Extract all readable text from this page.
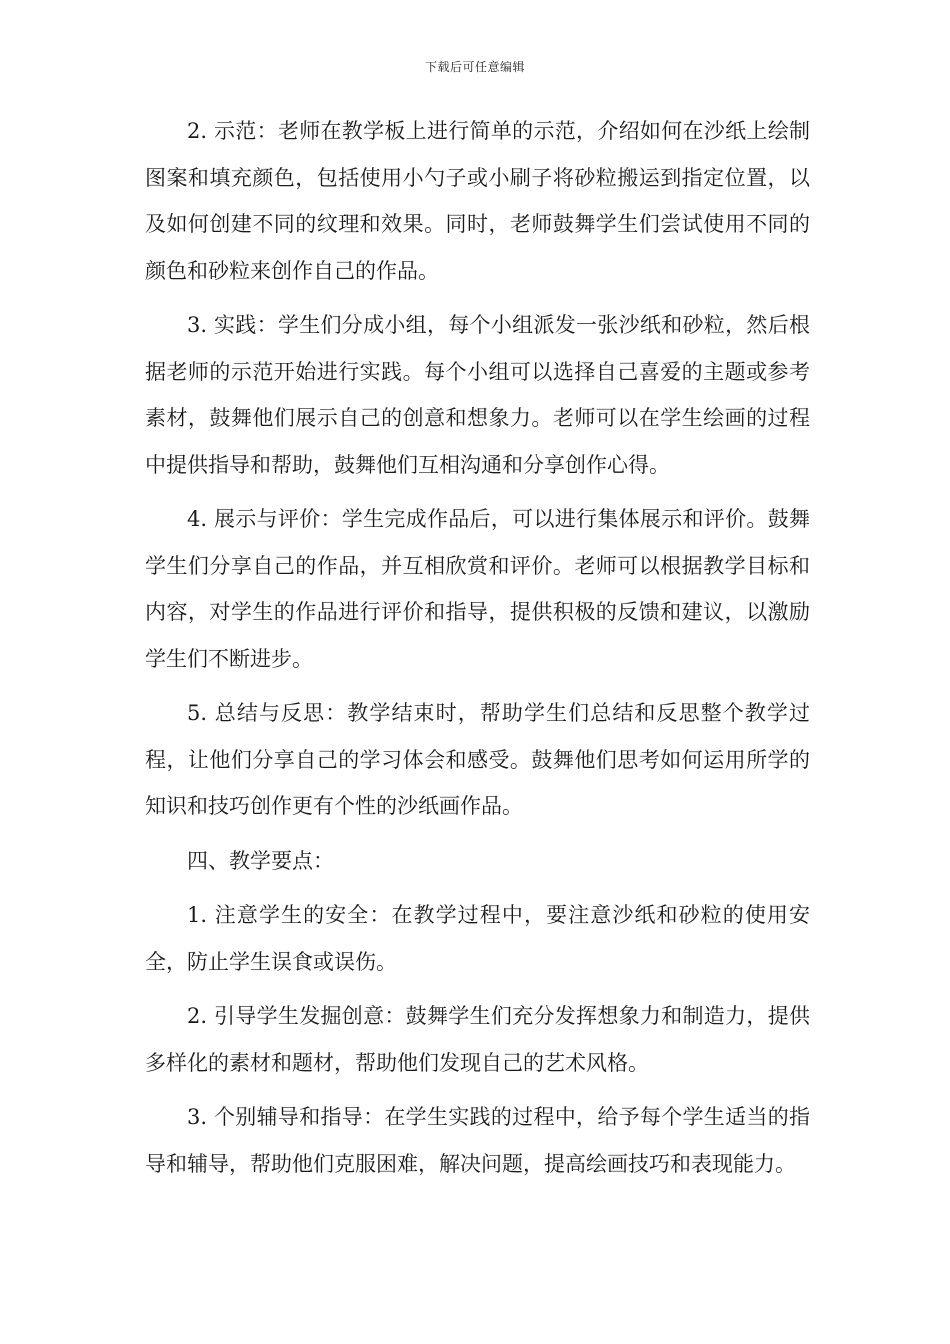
下载后可任意编辑

2. 示范：老师在教学板上进行简单的示范，介绍如何在沙纸上绘制图案和填充颜色，包括使用小勺子或小刷子将砂粒搬运到指定位置，以及如何创建不同的纹理和效果。同时，老师鼓舞学生们尝试使用不同的颜色和砂粒来创作自己的作品。

3. 实践：学生们分成小组，每个小组派发一张沙纸和砂粒，然后根据老师的示范开始进行实践。每个小组可以选择自己喜爱的主题或参考素材，鼓舞他们展示自己的创意和想象力。老师可以在学生绘画的过程中提供指导和帮助，鼓舞他们互相沟通和分享创作心得。

4. 展示与评价：学生完成作品后，可以进行集体展示和评价。鼓舞学生们分享自己的作品，并互相欣赏和评价。老师可以根据教学目标和内容，对学生的作品进行评价和指导，提供积极的反馈和建议，以激励学生们不断进步。

5. 总结与反思：教学结束时，帮助学生们总结和反思整个教学过程，让他们分享自己的学习体会和感受。鼓舞他们思考如何运用所学的知识和技巧创作更有个性的沙纸画作品。

四、教学要点：

1. 注意学生的安全：在教学过程中，要注意沙纸和砂粒的使用安全，防止学生误食或误伤。

2. 引导学生发掘创意：鼓舞学生们充分发挥想象力和制造力，提供多样化的素材和题材，帮助他们发现自己的艺术风格。

3. 个别辅导和指导：在学生实践的过程中，给予每个学生适当的指导和辅导，帮助他们克服困难，解决问题，提高绘画技巧和表现能力。
